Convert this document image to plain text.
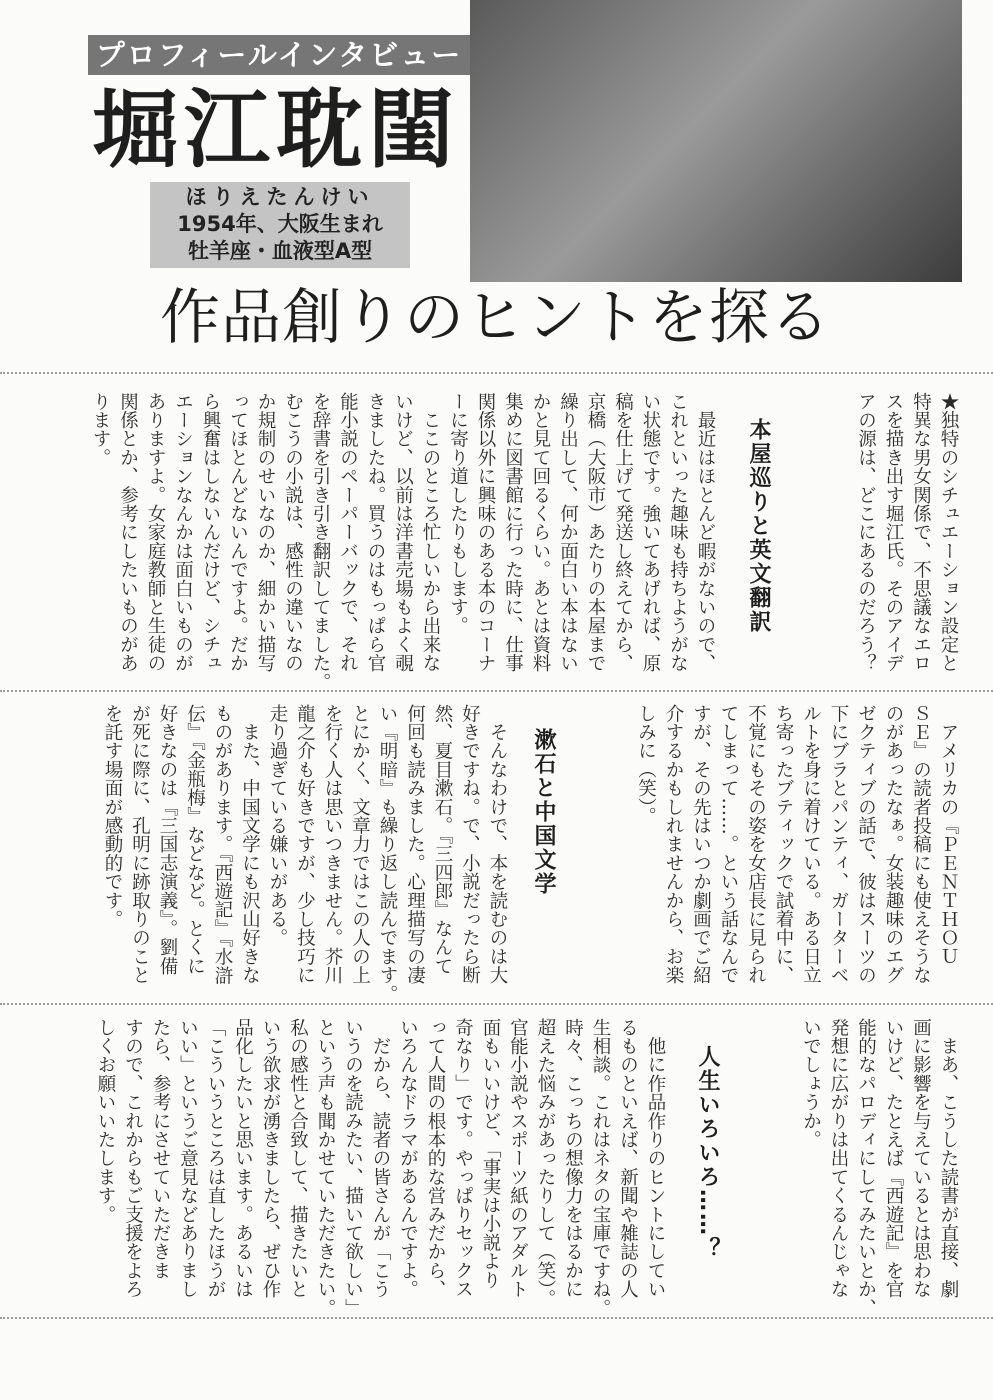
プロフィールインタビュー
堀江耽閨
ほりえたんけい
1954年、大阪生まれ
牡羊座・血液型A型
作品創りのヒントを探る
★独特のシチュエーション設定と
特異な男女関係で、不思議なエロ
スを描き出す堀江氏。そのアイデ
アの源は、どこにあるのだろう？
本屋巡りと英文翻訳
　最近はほとんど暇がないので、
これといった趣味も持ちようがな
い状態です。強いてあげれば、原
稿を仕上げて発送し終えてから、
京橋（大阪市）あたりの本屋まで
繰り出して、何か面白い本はない
かと見て回るくらい。あとは資料
集めに図書館に行った時に、仕事
関係以外に興味のある本のコーナ
ーに寄り道したりもします。
　ここのところ忙しいから出来な
いけど、以前は洋書売場もよく覗
きましたね。買うのはもっぱら官
能小説のペーパーバックで、それ
を辞書を引き引き翻訳してました。
むこうの小説は、感性の違いなの
か規制のせいなのか、細かい描写
ってほとんどないんですよ。だか
ら興奮はしないんだけど、シチュ
エーションなんかは面白いものが
ありますよ。女家庭教師と生徒の
関係とか、参考にしたいものがあ
ります。
　アメリカの『ＰＥＮＴＨＯＵ
ＳＥ』の読者投稿にも使えそうな
のがあったなぁ。女装趣味のエグ
ゼクティブの話で、彼はスーツの
下にブラとパンティ、ガーターベ
ルトを身に着けている。ある日立
ち寄ったブティックで試着中に、
不覚にもその姿を女店長に見られ
てしまって……。という話なんで
すが、その先はいつか劇画でご紹
介するかもしれませんから、お楽
しみに（笑）。
漱石と中国文学
　そんなわけで、本を読むのは大
好きですね。で、小説だったら断
然、夏目漱石。『三四郎』なんて
何回も読みました。心理描写の凄
い『明暗』も繰り返し読んでます。
とにかく、文章力ではこの人の上
を行く人は思いつきません。芥川
龍之介も好きですが、少し技巧に
走り過ぎている嫌いがある。
　また、中国文学にも沢山好きな
ものがあります。『西遊記』『水滸
伝』『金瓶梅』などなど。とくに
好きなのは『三国志演義』。劉備
が死に際に、孔明に跡取りのこと
を託す場面が感動的です。
　まあ、こうした読書が直接、劇
画に影響を与えているとは思わな
いけど、たとえば『西遊記』を官
能的なパロディにしてみたいとか、
発想に広がりは出てくるんじゃな
いでしょうか。
人生いろいろ……？
　他に作品作りのヒントにしてい
るものといえば、新聞や雑誌の人
生相談。これはネタの宝庫ですね。
時々、こっちの想像力をはるかに
超えた悩みがあったりして（笑）。
官能小説やスポーツ紙のアダルト
面もいいけど、「事実は小説より
奇なり」です。やっぱりセックス
って人間の根本的な営みだから、
いろんなドラマがあるんですよ。
　だから、読者の皆さんが「こう
いうのを読みたい、描いて欲しい」
という声も聞かせていただきたい。
私の感性と合致して、描きたいと
いう欲求が湧きましたら、ぜひ作
品化したいと思います。あるいは
「こういうところは直したほうが
いい」というご意見などありまし
たら、参考にさせていただきま
すので、これからもご支援をよろ
しくお願いいたします。
